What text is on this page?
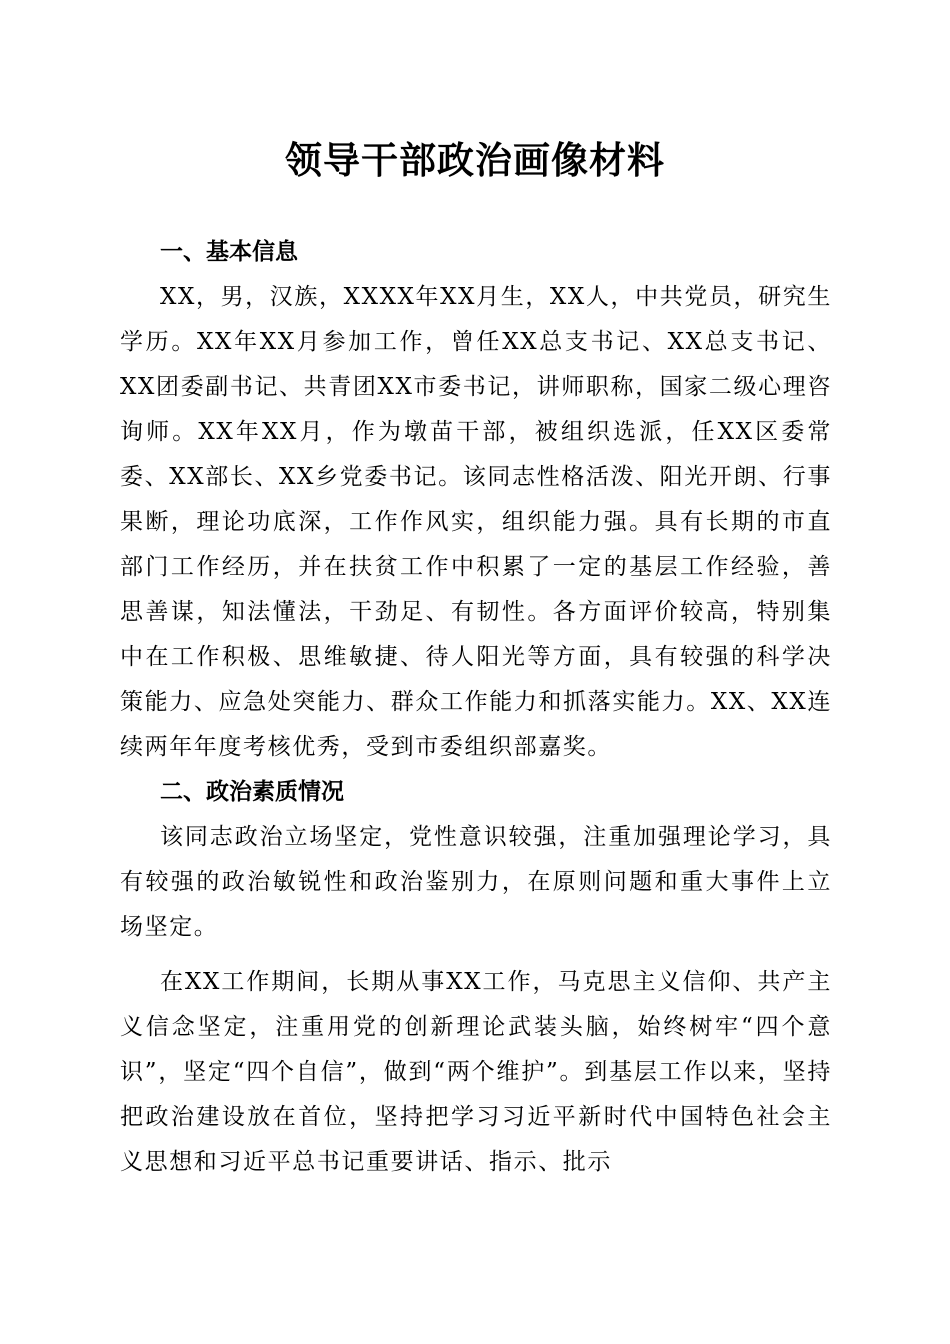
领导干部政治画像材料
一、基本信息

XX，男，汉族，XXXX年XX月生，XX人，中共党员，研究生学历。XX年XX月参加工作，曾任XX总支书记、XX总支书记、XX团委副书记、共青团XX市委书记，讲师职称，国家二级心理咨询师。XX年XX月，作为墩苗干部，被组织选派，任XX区委常委、XX部长、XX乡党委书记。该同志性格活泼、阳光开朗、行事果断，理论功底深，工作作风实，组织能力强。具有长期的市直部门工作经历，并在扶贫工作中积累了一定的基层工作经验，善思善谋，知法懂法，干劲足、有韧性。各方面评价较高，特别集中在工作积极、思维敏捷、待人阳光等方面，具有较强的科学决策能力、应急处突能力、群众工作能力和抓落实能力。XX、XX连续两年年度考核优秀，受到市委组织部嘉奖。

二、政治素质情况

该同志政治立场坚定，党性意识较强，注重加强理论学习，具有较强的政治敏锐性和政治鉴别力，在原则问题和重大事件上立场坚定。

在XX工作期间，长期从事XX工作，马克思主义信仰、共产主义信念坚定，注重用党的创新理论武装头脑，始终树牢“四个意识”，坚定“四个自信”，做到“两个维护”。到基层工作以来，坚持把政治建设放在首位，坚持把学习习近平新时代中国特色社会主义思想和习近平总书记重要讲话、指示、批示
